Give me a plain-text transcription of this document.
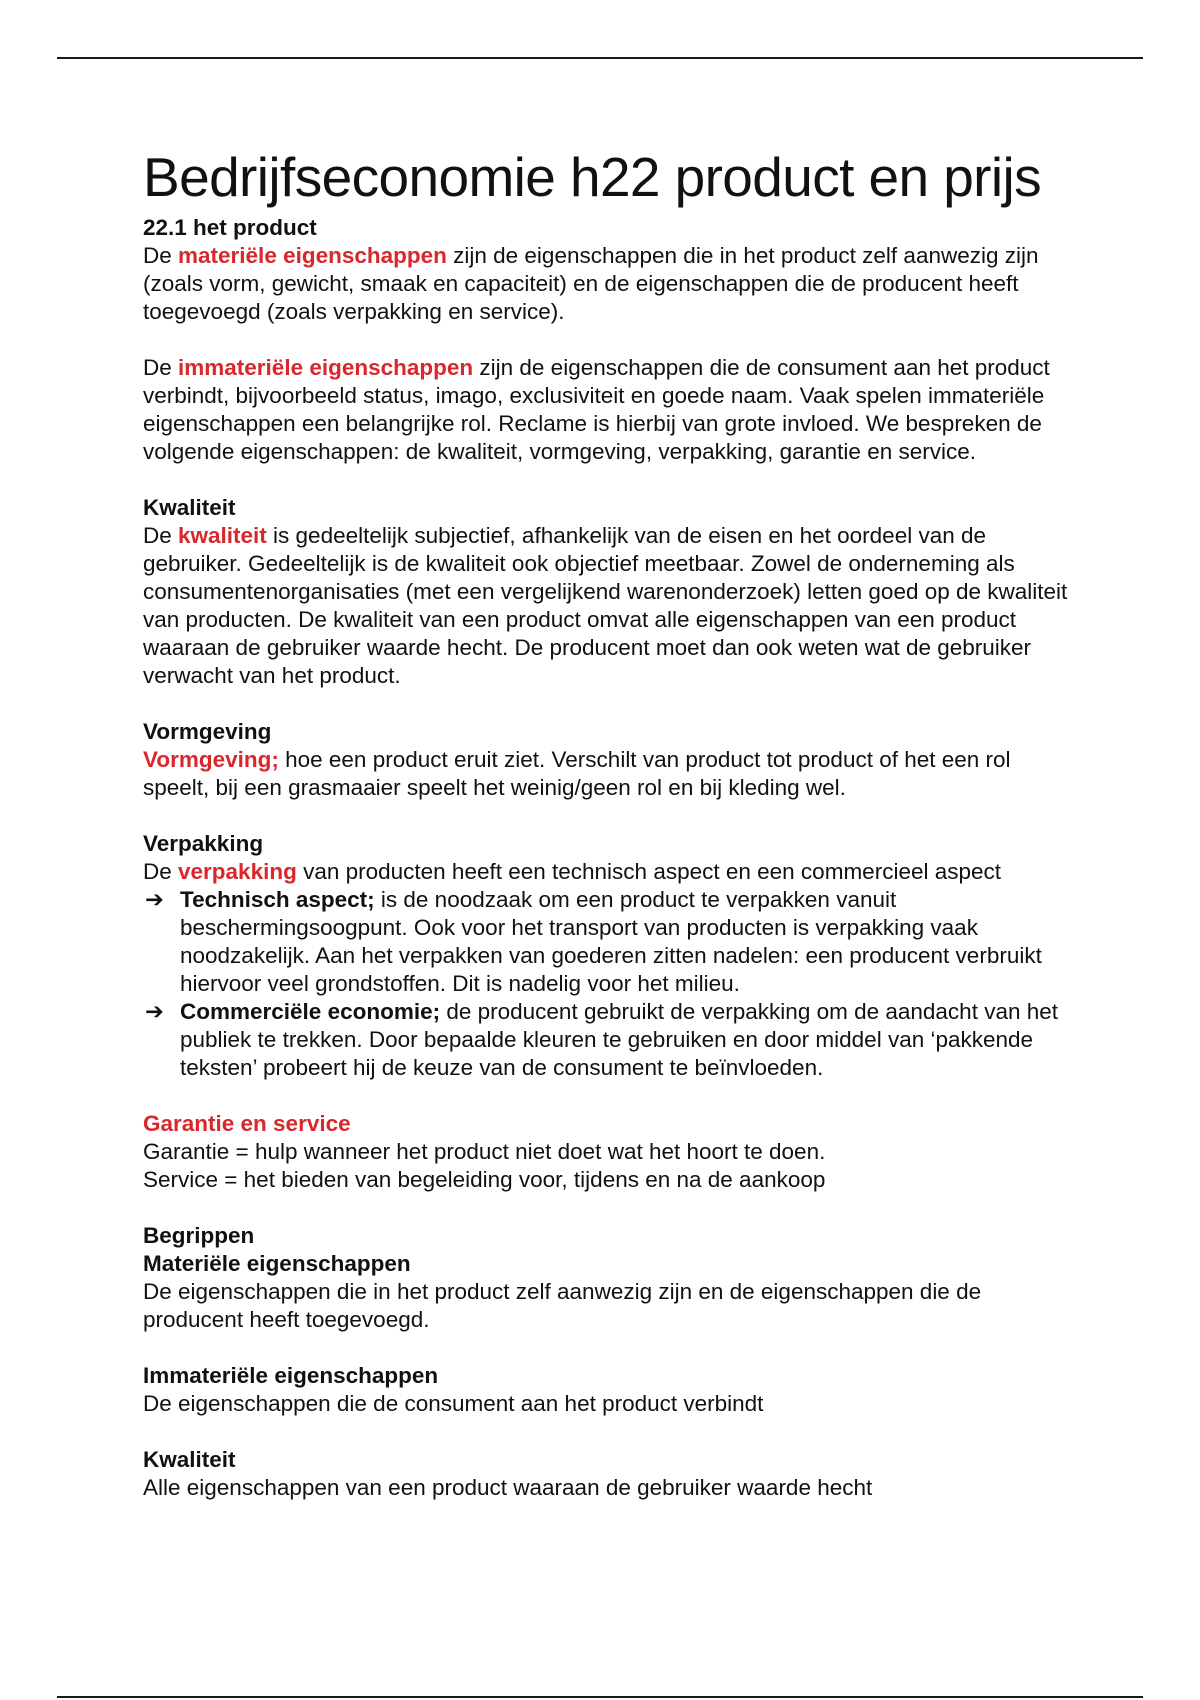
Bedrijfseconomie h22 product en prijs

22.1 het product

De materiële eigenschappen zijn de eigenschappen die in het product zelf aanwezig zijn (zoals vorm, gewicht, smaak en capaciteit) en de eigenschappen die de producent heeft toegevoegd (zoals verpakking en service).

De immateriële eigenschappen zijn de eigenschappen die de consument aan het product verbindt, bijvoorbeeld status, imago, exclusiviteit en goede naam. Vaak spelen immateriële eigenschappen een belangrijke rol. Reclame is hierbij van grote invloed. We bespreken de volgende eigenschappen: de kwaliteit, vormgeving, verpakking, garantie en service.

Kwaliteit

De kwaliteit is gedeeltelijk subjectief, afhankelijk van de eisen en het oordeel van de gebruiker. Gedeeltelijk is de kwaliteit ook objectief meetbaar. Zowel de onderneming als consumentenorganisaties (met een vergelijkend warenonderzoek) letten goed op de kwaliteit van producten. De kwaliteit van een product omvat alle eigenschappen van een product waaraan de gebruiker waarde hecht. De producent moet dan ook weten wat de gebruiker verwacht van het product.

Vormgeving

Vormgeving; hoe een product eruit ziet. Verschilt van product tot product of het een rol speelt, bij een grasmaaier speelt het weinig/geen rol en bij kleding wel.

Verpakking

De verpakking van producten heeft een technisch aspect en een commercieel aspect

➔ Technisch aspect; is de noodzaak om een product te verpakken vanuit beschermingsoogpunt. Ook voor het transport van producten is verpakking vaak noodzakelijk. Aan het verpakken van goederen zitten nadelen: een producent verbruikt hiervoor veel grondstoffen. Dit is nadelig voor het milieu.
➔ Commerciële economie; de producent gebruikt de verpakking om de aandacht van het publiek te trekken. Door bepaalde kleuren te gebruiken en door middel van ‘pakkende teksten’ probeert hij de keuze van de consument te beïnvloeden.

Garantie en service

Garantie = hulp wanneer het product niet doet wat het hoort te doen.

Service = het bieden van begeleiding voor, tijdens en na de aankoop

Begrippen

Materiële eigenschappen

De eigenschappen die in het product zelf aanwezig zijn en de eigenschappen die de producent heeft toegevoegd.

Immateriële eigenschappen

De eigenschappen die de consument aan het product verbindt

Kwaliteit

Alle eigenschappen van een product waaraan de gebruiker waarde hecht
